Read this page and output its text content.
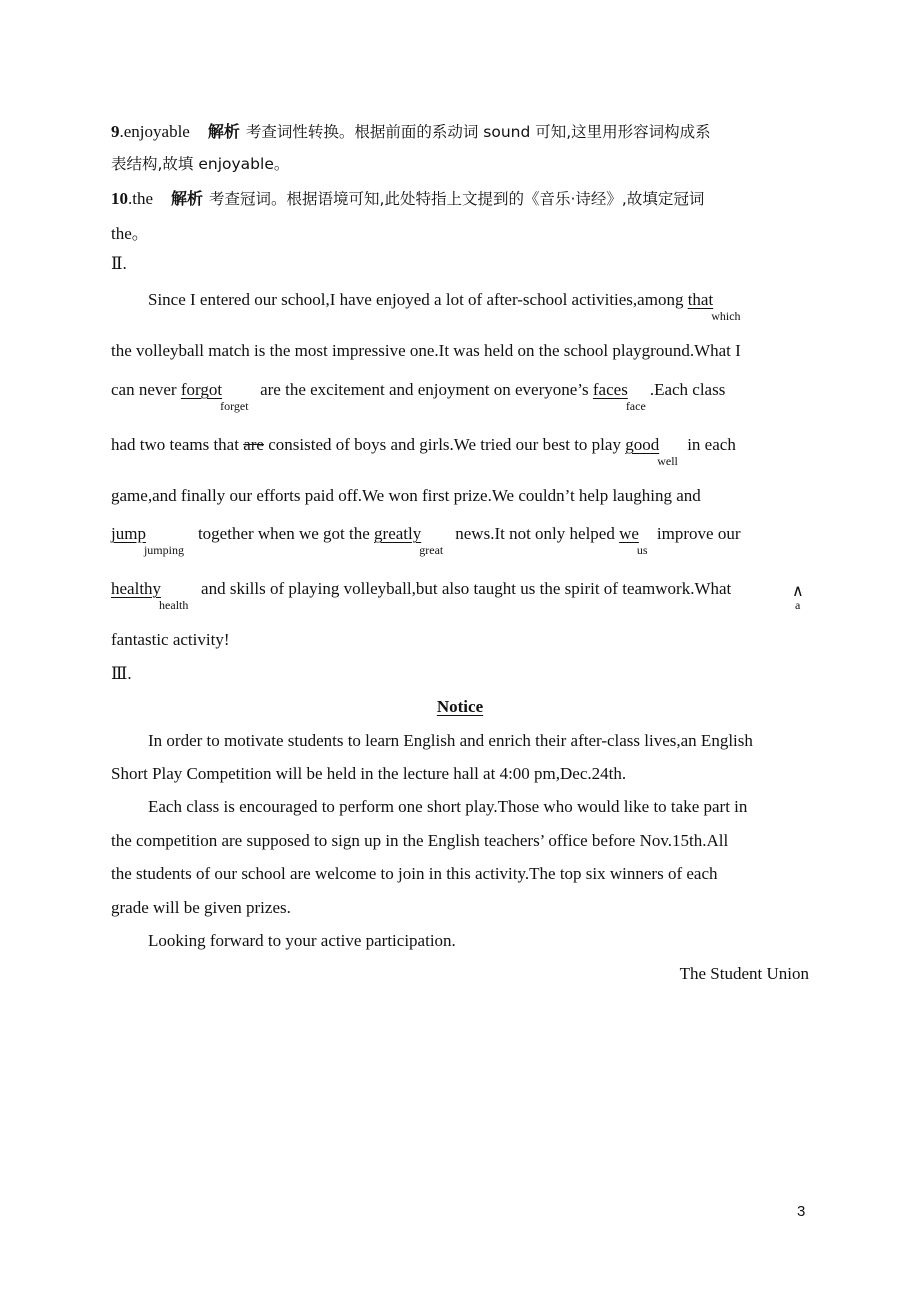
9.enjoyable 解析 考查词性转换。根据前面的系动词 sound 可知,这里用形容词构成系
表结构,故填 enjoyable。
10.the 解析 考查冠词。根据语境可知,此处特指上文提到的《音乐·诗经》,故填定冠词
the。
Ⅱ.
Since I entered our school,I have enjoyed a lot of after-school activities,among that
which
the volleyball match is the most impressive one.It was held on the school playground.What I
can never forgot
forget
are the excitement and enjoyment on everyone’s faces
face
.Each class
had two teams that are consisted of boys and girls.We tried our best to play good
well
in each
game,and finally our efforts paid off.We won first prize.We couldn’t help laughing and
jump
jumping
together when we got the greatly
great
news.It not only helped we
us
improve our
healthy
health
and skills of playing volleyball,but also taught us the spirit of teamwork.What	∧
a
fantastic activity!
Ⅲ.
Notice
In order to motivate students to learn English and enrich their after-class lives,an English
Short Play Competition will be held in the lecture hall at 4:00 pm,Dec.24th.
Each class is encouraged to perform one short play.Those who would like to take part in
the competition are supposed to sign up in the English teachers’ office before Nov.15th.All
the students of our school are welcome to join in this activity.The top six winners of each
grade will be given prizes.
Looking forward to your active participation.
The Student Union
3
